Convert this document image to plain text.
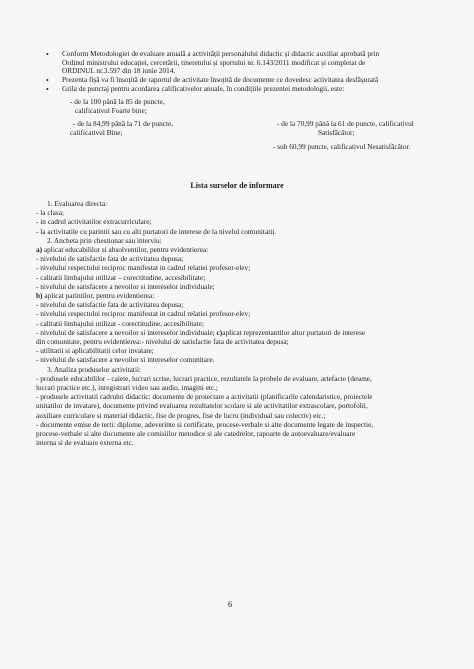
• Conform Metodologiei de evaluare anuală a activității personalului didactic și didactic auxiliar aprobată prin
Ordinul ministrului educației, cercetării, tineretului și sportului nr. 6.143/2011 modificat și completat de
ORDINUL nr.3.597 din 18 iunie 2014.
• Prezenta fișă va fi însoțită de raportul de activitate însoțită de documente ce dovedesc activitatea desfășurată
• Grila de punctaj pentru acordarea calificativelor anuale, în condițiile prezentei metodologii, este:
- de la 100 până la 85 de puncte,
calificativul Foarte bine;
- de la 84,99 până la 71 de puncte,
calificativul Bine;
- de la 70,99 până la 61 de puncte, calificativul
Satisfăcător;
- sub 60,99 puncte, calificativul Nesatisfăcător.
Lista surselor de informare
1. Evaluarea directa:
- la clasa;
- in cadrul activitatilor extracurriculare;
- la activitatile cu parintii sau cu alti purtatori de interese de la nivelul comunitatii.
2. Ancheta prin chestionar sau interviu:
a) aplicat educabililor si absolventilor, pentru evidentierea:
- nivelului de satisfactie fata de activitatea depusa;
- nivelului respectului reciproc manifestat in cadrul relatiei profesor-elev;
- calitatii limbajului utilizat – corectitudine, accesibilitate;
- nivelului de satisfacere a nevoilor si intereselor individuale;
b) aplicat parintilor, pentru evidentierea:
- nivelului de satisfactie fata de activitatea depusa;
- nivelului respectului reciproc manifestat in cadrul relatiei profesor-elev;
- calitatii limbajului utilizat - corectitudine, accesibilitate;
- nivelului de satisfacere a nevoilor si intereselor individuale; c)aplicat reprezentantilor altor purtatori de interese
din comunitate, pentru evidentierea:- nivelului de satisfactie fata de activitatea depusa;
- utilitatii si aplicabilitatii celor invatate;
- nivelului de satisfacere a nevoilor si intereselor comunitare.
3. Analiza produselor activitatii:
- produsele educabililor - caiete, lucrari scrise, lucrari practice, rezultatele la probele de evaluare, artefacte (desene,
lucrari practice etc.), inregistrari video sau audio, imagini etc.;
- produsele activitatii cadrului didactic: documente de proiectare a activitatii (planificarile calendaristice, proiectele
unitatilor de invatare), documente privind evaluarea rezultatelor scolare si ale activitatilor extrascolare, portofolii,
auxiliare curriculare si material didactic, fise de progres, fise de lucru (individual sau colectiv) etc.;
- documente emise de terti: diplome, adeverinte si certificate, procese-verbale si alte documente legate de inspectie,
procese-verbale si alte documente ale comisiilor metodice si ale catedrelor, rapoarte de autoevaluare/evaluare
interna si de evaluare externa etc.
6
